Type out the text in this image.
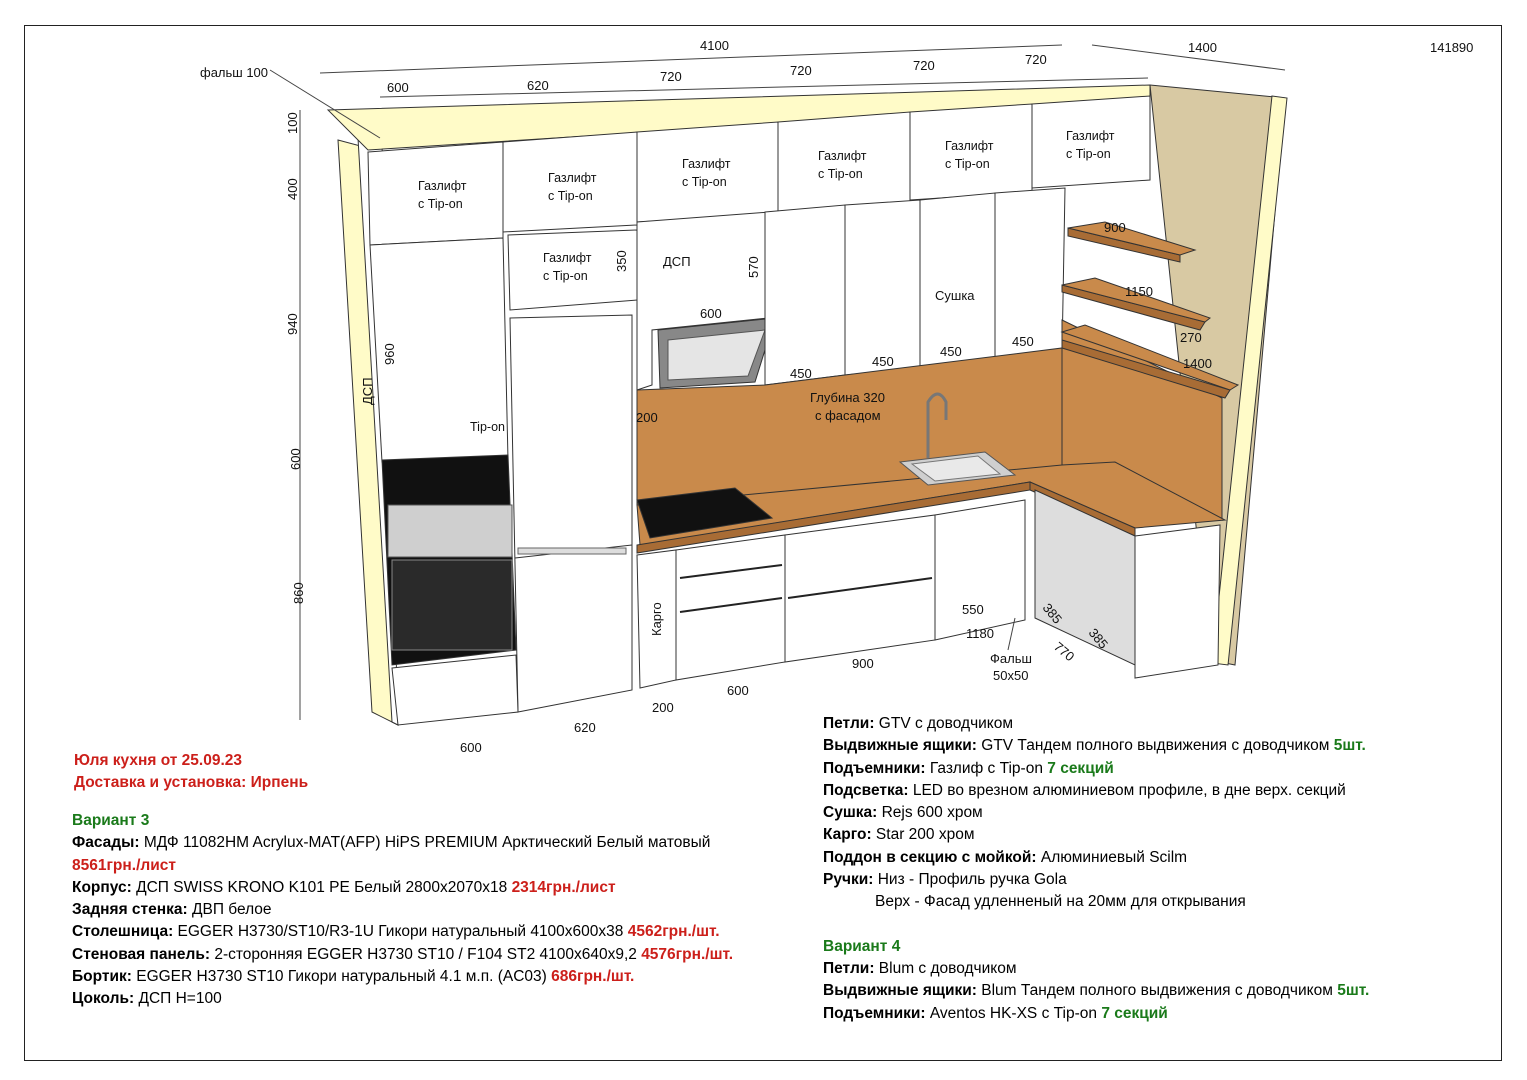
4100	1400	141890
фальш 100
600	620
720	720	720	720
100
400
940
600
860
960
ДСП
Газлифт
с Tip-on
Газлифт
с Tip-on
Газлифт
с Tip-on
Газлифт
с Tip-on
Газлифт
с Tip-on
Газлифт
с Tip-on
Газлифт
с Tip-on
Tip-on
350	ДСП	570
600
450
450
450
450
Сушка
Глубина 320
с фасадом
200
900
1150
270
1400
Карго	550
1180
385
385
770
Фальш
50x50
900
600
200
620
600
Юля кухня от 25.09.23
Доставка и установка: Ирпень
Вариант 3
Фасады: МДФ 11082HM Acrylux-MAT(AFP) HiPS PREMIUM Арктический Белый матовый
8561грн./лист
Корпус: ДСП SWISS KRONO K101 PE Белый 2800х2070х18 2314грн./лист
Задняя стенка: ДВП белое
Столешница: EGGER H3730/ST10/R3-1U Гикори натуральный 4100х600х38 4562грн./шт.
Стеновая панель: 2-сторонняя EGGER H3730 ST10 / F104 ST2 4100х640х9,2 4576грн./шт.
Бортик: EGGER H3730 ST10 Гикори натуральный 4.1 м.п. (AC03) 686грн./шт.
Цоколь: ДСП H=100
Петли: GTV с доводчиком
Выдвижные ящики: GTV Тандем полного выдвижения с доводчиком 5шт.
Подъемники: Газлиф с Tip-on 7 секций
Подсветка: LED во врезном алюминиевом профиле, в дне верх. секций
Сушка: Rejs 600 хром
Карго: Star 200 хром
Поддон в секцию с мойкой: Алюминиевый Scilm
Ручки: Низ - Профиль ручка Gola
Верх - Фасад удленненый на 20мм для открывания
Вариант 4
Петли: Blum с доводчиком
Выдвижные ящики: Blum Тандем полного выдвижения с доводчиком 5шт.
Подъемники: Aventos HK-XS с Tip-on 7 секций
